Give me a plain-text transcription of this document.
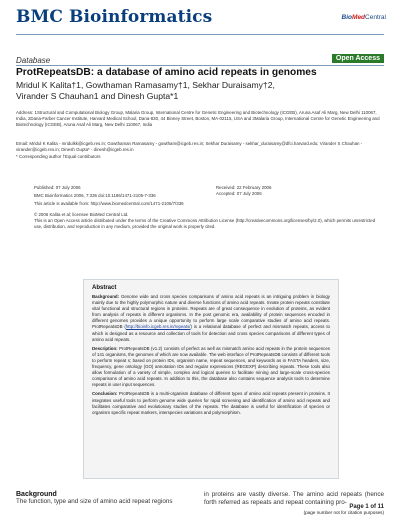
BMC Bioinformatics	BioMedCentral
Database	Open Access
ProtRepeatsDB: a database of amino acid repeats in genomes
Mridul K Kalita†1, Gowthaman Ramasamy†1, Sekhar Duraisamy†2,
Virander S Chauhan1 and Dinesh Gupta*1
Address: 1Structural and Computational Biology Group, Malaria Group, International Centre for Genetic Engineering and Biotechnology (ICGEB), Aruna Asaf Ali Marg, New Delhi 110067, India, 2Dana-Farber Cancer Institute, Harvard Medical School, Dana-830, 44 Binney Street, Boston, MA-02115, USA and 3Malaria Group, International Centre for Genetic Engineering and Biotechnology (ICGEB), Aruna Asaf Ali Marg, New Delhi 110067, India
Email: Mridul K Kalita - mridulkk@icgeb.res.in; Gowthaman Ramasamy - gowtham@icgeb.res.in; Sekhar Duraisamy - sekhar_duraisamy@dfci.harvard.edu; Virander S Chauhan - virander@icgeb.res.in; Dinesh Gupta* - dinesh@icgeb.res.in
* Corresponding author †Equal contributors
Published: 07 July 2006
BMC Bioinformatics 2006, 7:336 doi:10.1186/1471-2105-7-336
Received: 22 February 2006
Accepted: 07 July 2006
This article is available from: http://www.biomedcentral.com/1471-2105/7/336
© 2006 Kalita et al; licensee BioMed Central Ltd.
This is an Open Access article distributed under the terms of the Creative Commons Attribution License (http://creativecommons.org/licenses/by/2.0), which permits unrestricted use, distribution, and reproduction in any medium, provided the original work is properly cited.
Abstract

Background: Genome wide and cross species comparisons of amino acid repeats is an intriguing problem in biology mainly due to the highly polymorphic nature and diverse functions of amino acid repeats. Innate protein repeats constitute vital functional and structural regions in proteins. Repeats are of great consequence in evolution of proteins, as evident from analysis of repeats in different organisms. In the post genomic era, availability of protein sequences encoded in different genomes provides a unique opportunity to perform large scale comparative studies of amino acid repeats. ProtRepeatsDB (http://bioinfo.icgeb.res.in/repeats/) is a relational database of perfect and mismatch repeats, access to which is designed as a resource and collection of tools for detection and cross species comparisons of different types of amino acid repeats.

Description: ProtRepeatsDB (v1.2) consists of perfect as well as mismatch amino acid repeats in the protein sequences of 141 organisms, the genomes of which are now available. The web interface of ProtRepeatsDB consists of different tools to perform repeat s; based on protein IDs, organism name, repeat sequences, and keywords as in FASTA headers, size, frequency, gene ontology (GO) annotation IDs and regular expressions (REGEXP) describing repeats. These tools also allow formulation of a variety of simple, complex and logical queries to facilitate mining and large-scale cross-species comparisons of amino acid repeats. In addition to this, the database also contains sequence analysis tools to determine repeats in user input sequences.

Conclusion: ProtRepeatsDB is a multi-organism database of different types of amino acid repeats present in proteins. It integrates useful tools to perform genome wide queries for rapid screening and identification of amino acid repeats and facilitates comparative and evolutionary studies of the repeats. The database is useful for identification of species or organism specific repeat markers, interspecies variations and polymorphism.

Background
The function, type and size of amino acid repeat regions
in proteins are vastly diverse. The amino acid repeats (hence forth referred as repeats and repeat containing pro-
Page 1 of 11
(page number not for citation purposes)
